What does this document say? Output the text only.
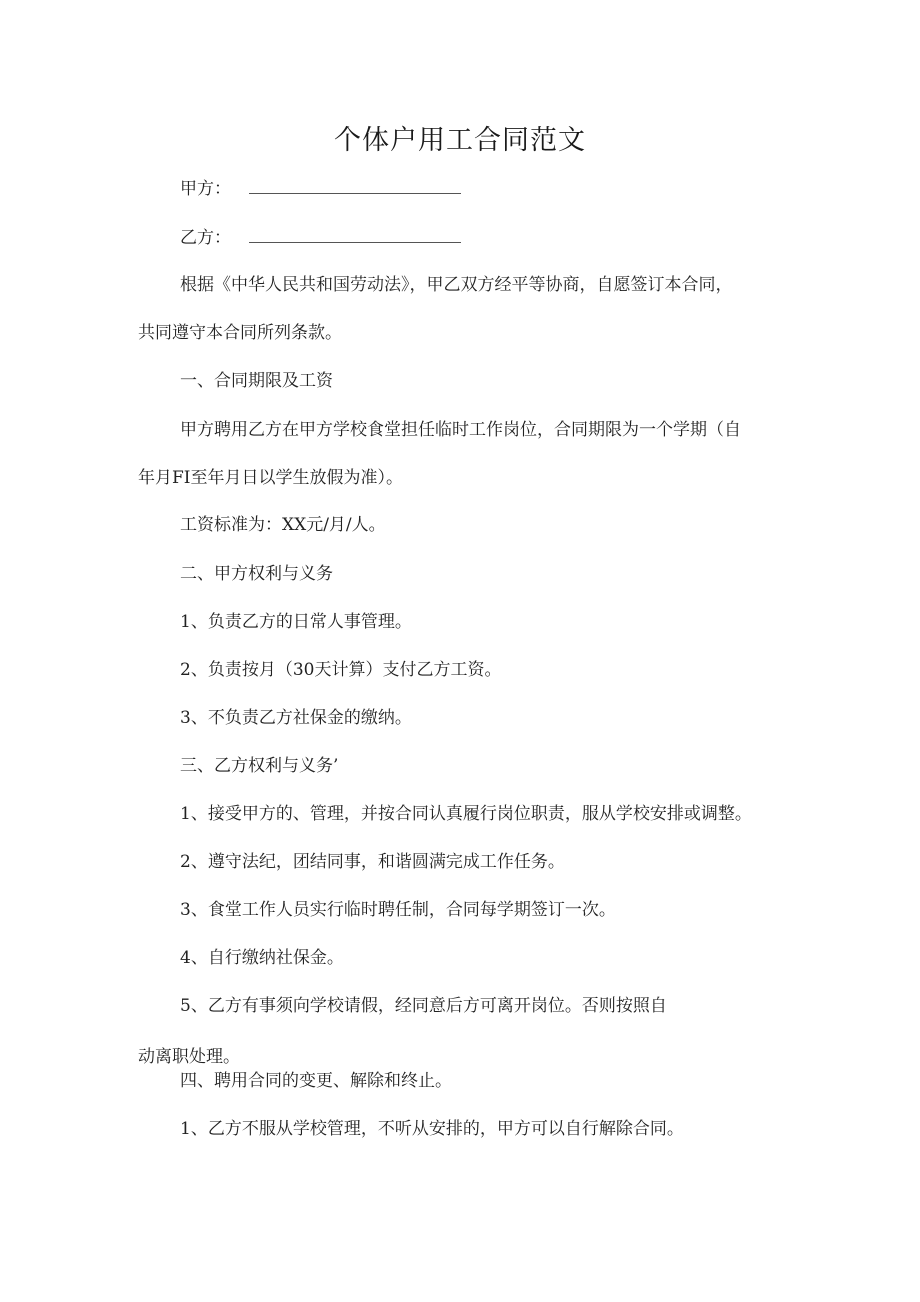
个体户用工合同范文
甲方：
乙方：
根据《中华人民共和国劳动法》，甲乙双方经平等协商，自愿签订本合同，
共同遵守本合同所列条款。
一、合同期限及工资
甲方聘用乙方在甲方学校食堂担任临时工作岗位，合同期限为一个学期（自
年月FI至年月日以学生放假为准）。
工资标准为：XX元/月/人。
二、甲方权利与义务
1、负责乙方的日常人事管理。
2、负责按月（30天计算）支付乙方工资。
3、不负责乙方社保金的缴纳。
三、乙方权利与义务’
1、接受甲方的、管理，并按合同认真履行岗位职责，服从学校安排或调整。
2、遵守法纪，团结同事，和谐圆满完成工作任务。
3、食堂工作人员实行临时聘任制，合同每学期签订一次。
4、自行缴纳社保金。
5、乙方有事须向学校请假，经同意后方可离开岗位。否则按照自
动离职处理。
四、聘用合同的变更、解除和终止。
1、乙方不服从学校管理，不听从安排的，甲方可以自行解除合同。
